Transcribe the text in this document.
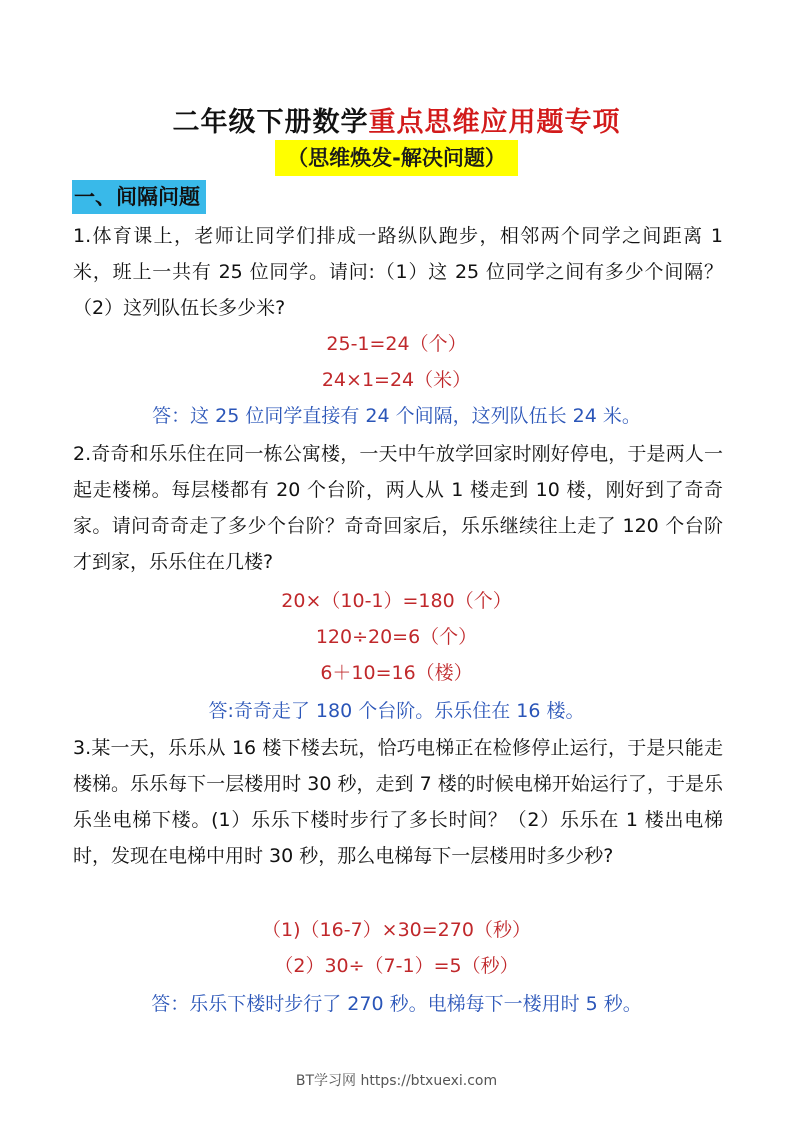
二年级下册数学重点思维应用题专项
（思维焕发-解决问题）
一、间隔问题
1.体育课上，老师让同学们排成一路纵队跑步，相邻两个同学之间距离 1 米，班上一共有 25 位同学。请问:（1）这 25 位同学之间有多少个间隔？（2）这列队伍长多少米?
25-1=24（个）
24×1=24（米）
答：这 25 位同学直接有 24 个间隔，这列队伍长 24 米。
2.奇奇和乐乐住在同一栋公寓楼，一天中午放学回家时刚好停电，于是两人一起走楼梯。每层楼都有 20 个台阶，两人从 1 楼走到 10 楼，刚好到了奇奇家。请问奇奇走了多少个台阶？奇奇回家后，乐乐继续往上走了 120 个台阶才到家，乐乐住在几楼?
20×（10-1）=180（个）
120÷20=6（个）
6＋10=16（楼）
答:奇奇走了 180 个台阶。乐乐住在 16 楼。
3.某一天，乐乐从 16 楼下楼去玩，恰巧电梯正在检修停止运行，于是只能走楼梯。乐乐每下一层楼用时 30 秒，走到 7 楼的时候电梯开始运行了，于是乐乐坐电梯下楼。(1）乐乐下楼时步行了多长时间？（2）乐乐在 1 楼出电梯时，发现在电梯中用时 30 秒，那么电梯每下一层楼用时多少秒?
（1)（16-7）×30=270（秒）
（2）30÷（7-1）=5（秒）
答：乐乐下楼时步行了 270 秒。电梯每下一楼用时 5 秒。
BT学习网 https://btxuexi.com
